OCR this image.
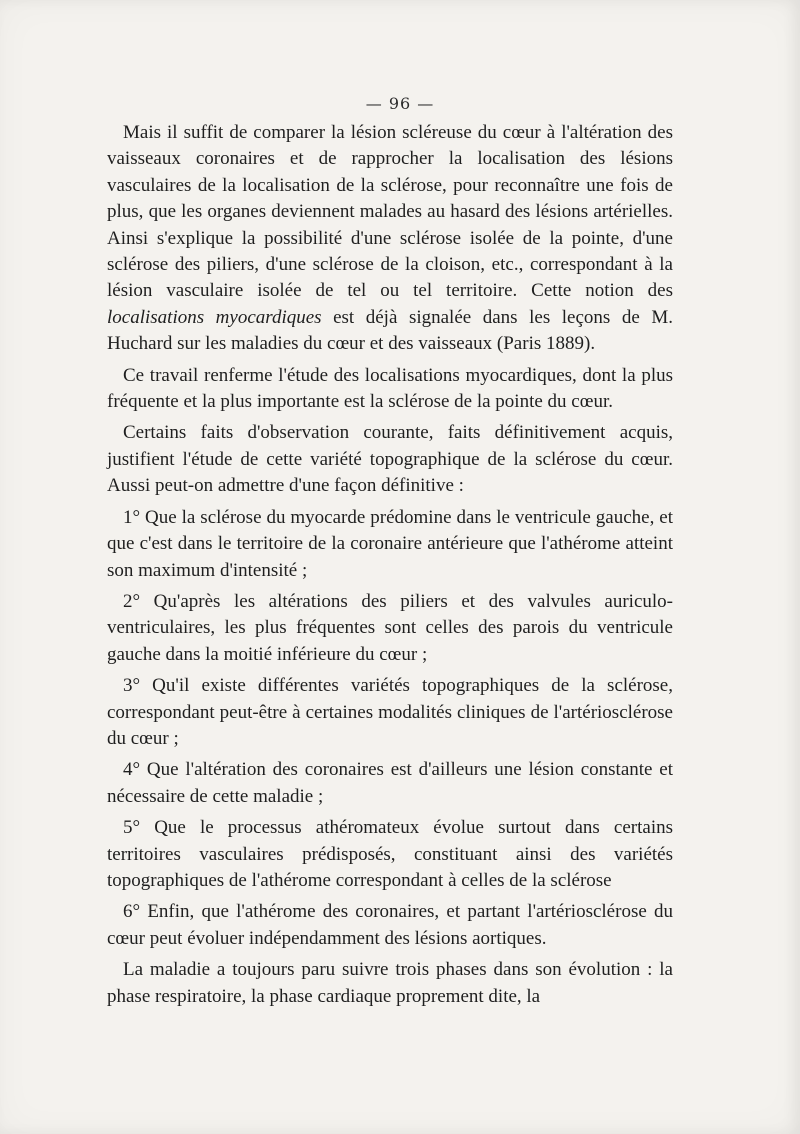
— 96 —

Mais il suffit de comparer la lésion scléreuse du cœur à l'altération des vaisseaux coronaires et de rapprocher la localisation des lésions vasculaires de la localisation de la sclérose, pour reconnaître une fois de plus, que les organes deviennent malades au hasard des lésions artérielles. Ainsi s'explique la possibilité d'une sclérose isolée de la pointe, d'une sclérose des piliers, d'une sclérose de la cloison, etc., correspondant à la lésion vasculaire isolée de tel ou tel territoire. Cette notion des localisations myocardiques est déjà signalée dans les leçons de M. Huchard sur les maladies du cœur et des vaisseaux (Paris 1889).

Ce travail renferme l'étude des localisations myocardiques, dont la plus fréquente et la plus importante est la sclérose de la pointe du cœur.

Certains faits d'observation courante, faits définitivement acquis, justifient l'étude de cette variété topographique de la sclérose du cœur. Aussi peut-on admettre d'une façon définitive :

1° Que la sclérose du myocarde prédomine dans le ventricule gauche, et que c'est dans le territoire de la coronaire antérieure que l'athérome atteint son maximum d'intensité ;

2° Qu'après les altérations des piliers et des valvules auriculo-ventriculaires, les plus fréquentes sont celles des parois du ventricule gauche dans la moitié inférieure du cœur ;

3° Qu'il existe différentes variétés topographiques de la sclérose, correspondant peut-être à certaines modalités cliniques de l'artériosclérose du cœur ;

4° Que l'altération des coronaires est d'ailleurs une lésion constante et nécessaire de cette maladie ;

5° Que le processus athéromateux évolue surtout dans certains territoires vasculaires prédisposés, constituant ainsi des variétés topographiques de l'athérome correspondant à celles de la sclérose

6° Enfin, que l'athérome des coronaires, et partant l'artériosclérose du cœur peut évoluer indépendamment des lésions aortiques.

La maladie a toujours paru suivre trois phases dans son évolution : la phase respiratoire, la phase cardiaque proprement dite, la
